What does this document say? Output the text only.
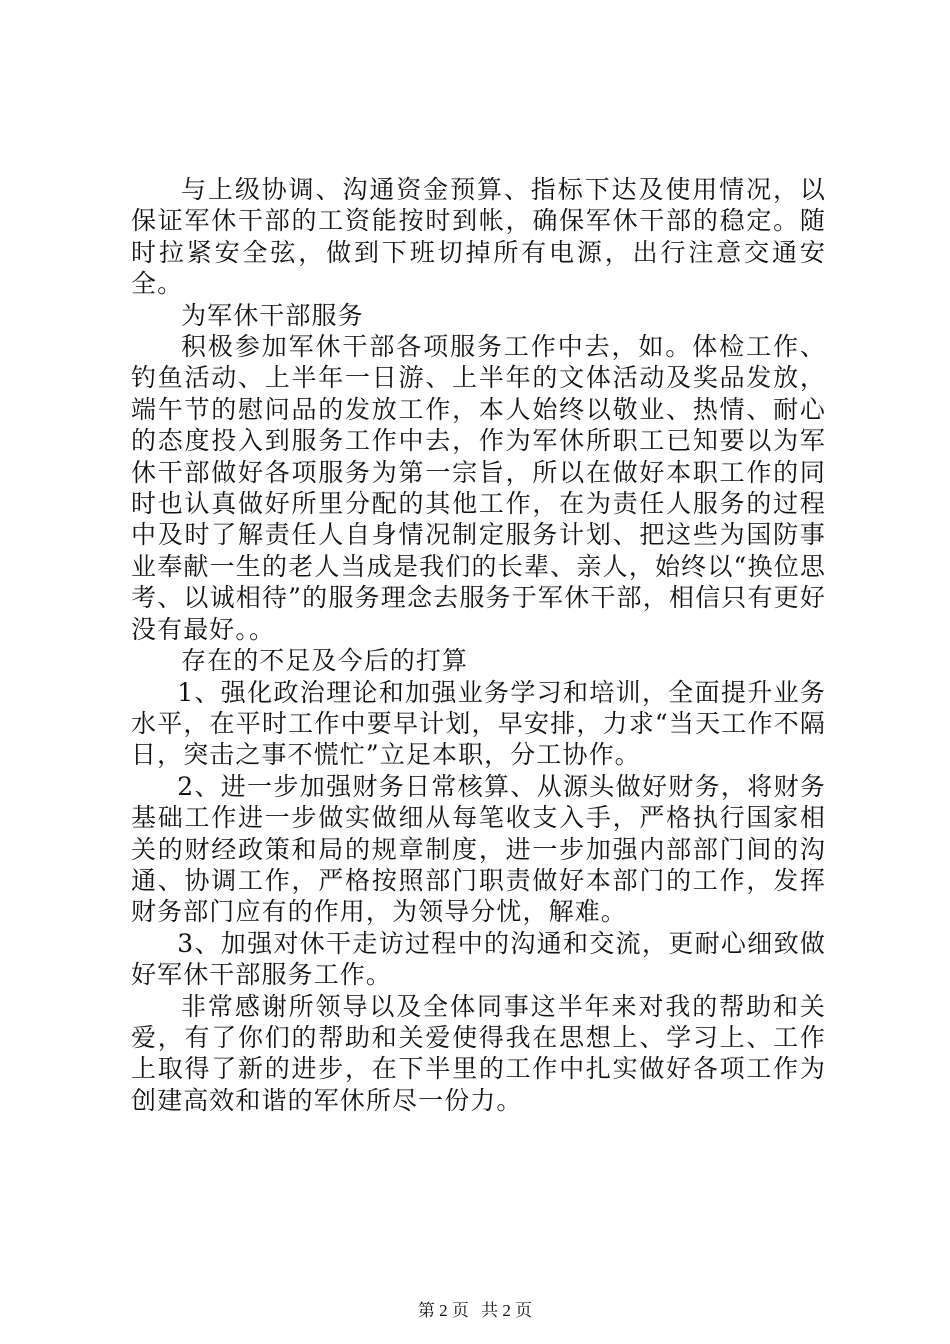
与上级协调、沟通资金预算、指标下达及使用情况，以保证军休干部的工资能按时到帐，确保军休干部的稳定。随时拉紧安全弦，做到下班切掉所有电源，出行注意交通安全。

为军休干部服务

积极参加军休干部各项服务工作中去，如。体检工作、钓鱼活动、上半年一日游、上半年的文体活动及奖品发放，端午节的慰问品的发放工作，本人始终以敬业、热情、耐心的态度投入到服务工作中去，作为军休所职工已知要以为军休干部做好各项服务为第一宗旨，所以在做好本职工作的同时也认真做好所里分配的其他工作，在为责任人服务的过程中及时了解责任人自身情况制定服务计划、把这些为国防事业奉献一生的老人当成是我们的长辈、亲人，始终以“换位思考、以诚相待”的服务理念去服务于军休干部，相信只有更好没有最好。。

存在的不足及今后的打算

1、强化政治理论和加强业务学习和培训，全面提升业务水平，在平时工作中要早计划，早安排，力求“当天工作不隔日，突击之事不慌忙”立足本职，分工协作。

2、进一步加强财务日常核算、从源头做好财务，将财务基础工作进一步做实做细从每笔收支入手，严格执行国家相关的财经政策和局的规章制度，进一步加强内部部门间的沟通、协调工作，严格按照部门职责做好本部门的工作，发挥财务部门应有的作用，为领导分忧，解难。

3、加强对休干走访过程中的沟通和交流，更耐心细致做好军休干部服务工作。

非常感谢所领导以及全体同事这半年来对我的帮助和关爱，有了你们的帮助和关爱使得我在思想上、学习上、工作上取得了新的进步，在下半里的工作中扎实做好各项工作为创建高效和谐的军休所尽一份力。

第 2 页 共 2 页
